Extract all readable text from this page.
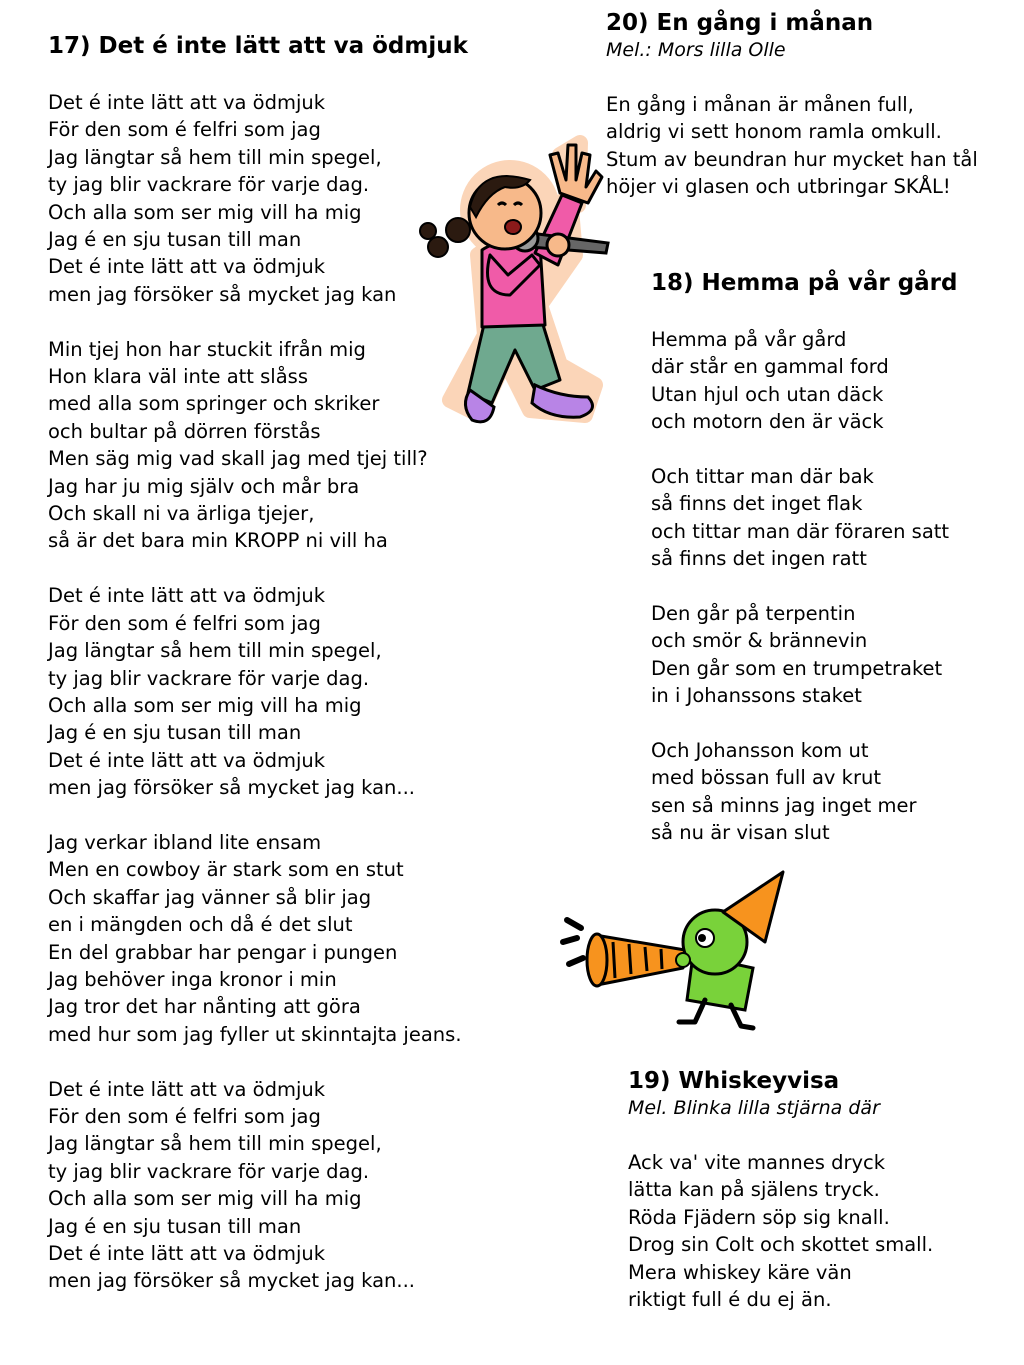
17) Det é inte lätt att va ödmjuk
Det é inte lätt att va ödmjuk
För den som é felfri som jag
Jag längtar så hem till min spegel,
ty jag blir vackrare för varje dag.
Och alla som ser mig vill ha mig
Jag é en sju tusan till man
Det é inte lätt att va ödmjuk
men jag försöker så mycket jag kan
Min tjej hon har stuckit ifrån mig
Hon klara väl inte att slåss
med alla som springer och skriker
och bultar på dörren förstås
Men säg mig vad skall jag med tjej till?
Jag har ju mig själv och mår bra
Och skall ni va ärliga tjejer,
så är det bara min KROPP ni vill ha
Det é inte lätt att va ödmjuk
För den som é felfri som jag
Jag längtar så hem till min spegel,
ty jag blir vackrare för varje dag.
Och alla som ser mig vill ha mig
Jag é en sju tusan till man
Det é inte lätt att va ödmjuk
men jag försöker så mycket jag kan...
Jag verkar ibland lite ensam
Men en cowboy är stark som en stut
Och skaffar jag vänner så blir jag
en i mängden och då é det slut
En del grabbar har pengar i pungen
Jag behöver inga kronor i min
Jag tror det har nånting att göra
med hur som jag fyller ut skinntajta jeans.
Det é inte lätt att va ödmjuk
För den som é felfri som jag
Jag längtar så hem till min spegel,
ty jag blir vackrare för varje dag.
Och alla som ser mig vill ha mig
Jag é en sju tusan till man
Det é inte lätt att va ödmjuk
men jag försöker så mycket jag kan...
20) En gång i månan

Mel.: Mors lilla Olle

En gång i månan är månen full,
aldrig vi sett honom ramla omkull.
Stum av beundran hur mycket han tål
höjer vi glasen och utbringar SKÅL!
18) Hemma på vår gård
Hemma på vår gård
där står en gammal ford
Utan hjul och utan däck
och motorn den är väck
Och tittar man där bak
så finns det inget flak
och tittar man där föraren satt
så finns det ingen ratt
Den går på terpentin
och smör & brännevin
Den går som en trumpetraket
in i Johanssons staket
Och Johansson kom ut
med bössan full av krut
sen så minns jag inget mer
så nu är visan slut
19) Whiskeyvisa

Mel. Blinka lilla stjärna där

Ack va' vite mannes dryck
lätta kan på själens tryck.
Röda Fjädern söp sig knall.
Drog sin Colt och skottet small.
Mera whiskey käre vän
riktigt full é du ej än.
